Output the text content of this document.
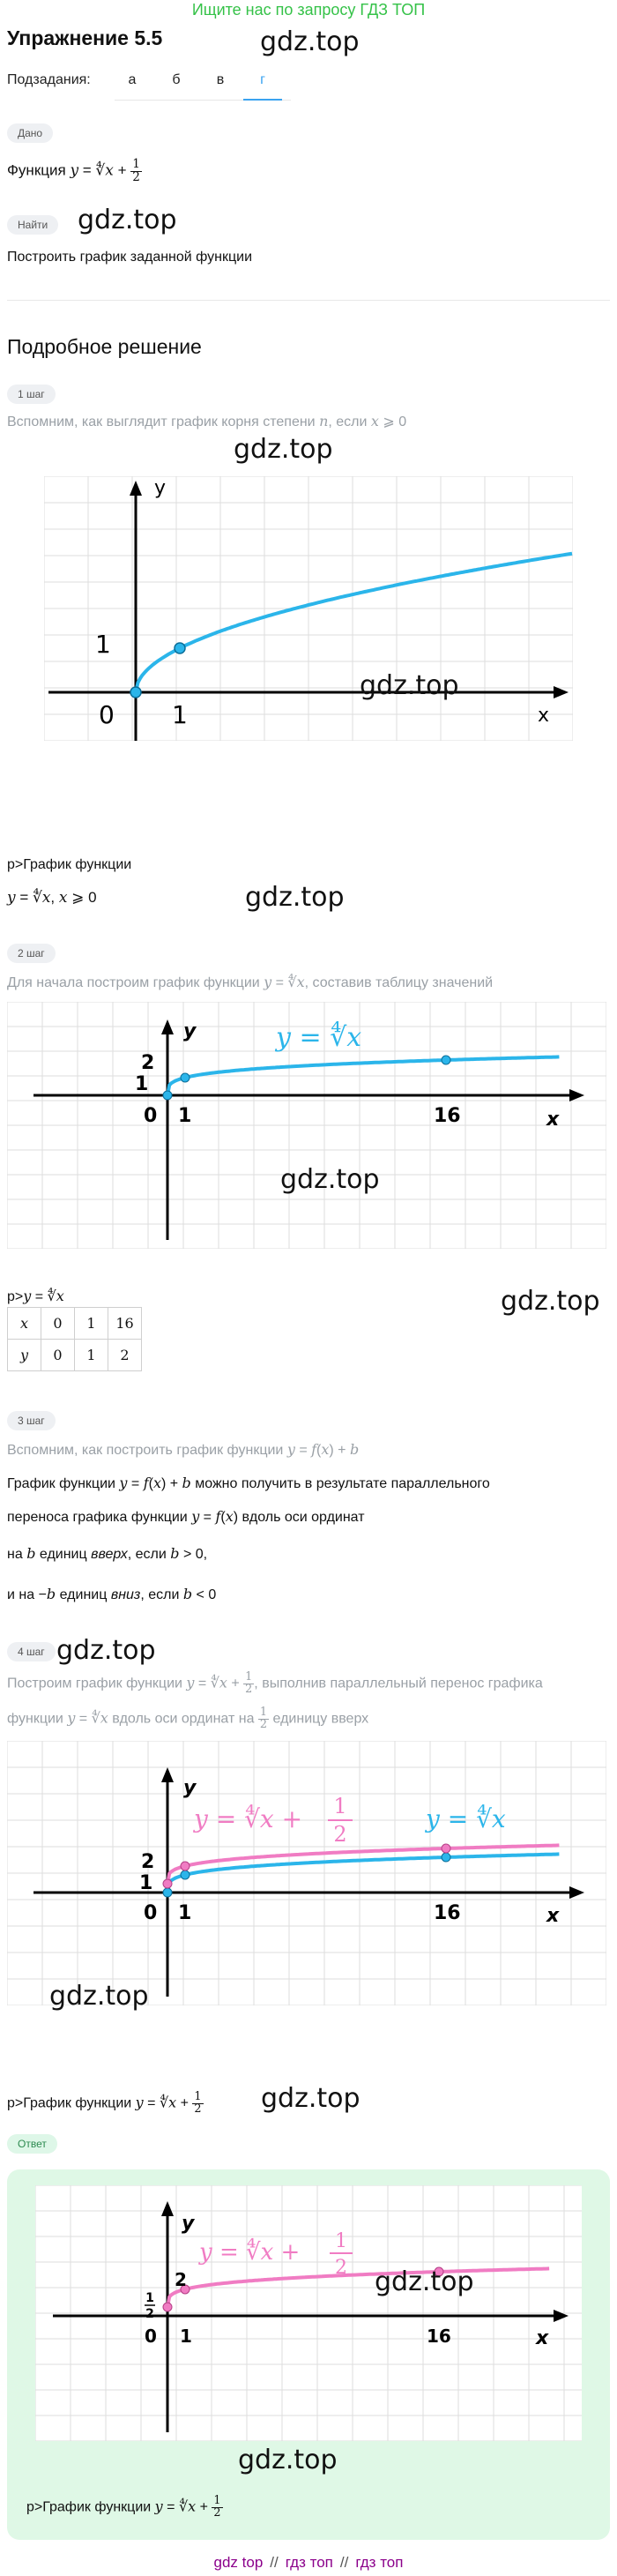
Ищите нас по запросу ГДЗ ТОП
Упражнение 5.5
Подзадания:	а	б	в	г
gdz.top
Дано
Функция y = ∜x + $\frac{1}{2}$
Найти	gdz.top
Построить график заданной функции
Подробное решение
1 шаг
Вспомним, как выглядит график корня степени n, если x ⩾ 0
gdz.top
y
x
1
0 1
gdz.top
p>График функции
y = ∜x, x ⩾ 0	gdz.top
2 шаг
Для начала построим график функции y = ∜x, составив таблицу значений
y
x
2
1
0 1	16
y = ∜x
gdz.top
p>y = ∜x	gdz.top
x	0	1	16
y	0	1	2
3 шаг
Вспомним, как построить график функции y = f(x) + b
График функции y = f(x) + b можно получить в результате параллельного
переноса графика функции y = f(x) вдоль оси ординат
на b единиц вверх, если b > 0,
и на −b единиц вниз, если b < 0
4 шаг gdz.top
Построим график функции y = ∜x + $\frac{1}{2}$ , выполнив параллельный перенос графика
функции y = ∜x вдоль оси ординат на $\frac{1}{2}$ единицу вверх
y
x
2
1
0 1	16
y = ∜x + 1
2
y = ∜x
gdz.top
p>График функции y = ∜x + $\frac{1}{2} gdz.top$
Ответ
y
x
2
1
2
0 1	16
y = ∜x + 1
2 gdz.top
gdz.top
p>График функции y = ∜x + $\frac{1}{2}$
gdz top // гдз топ // гдз топ
